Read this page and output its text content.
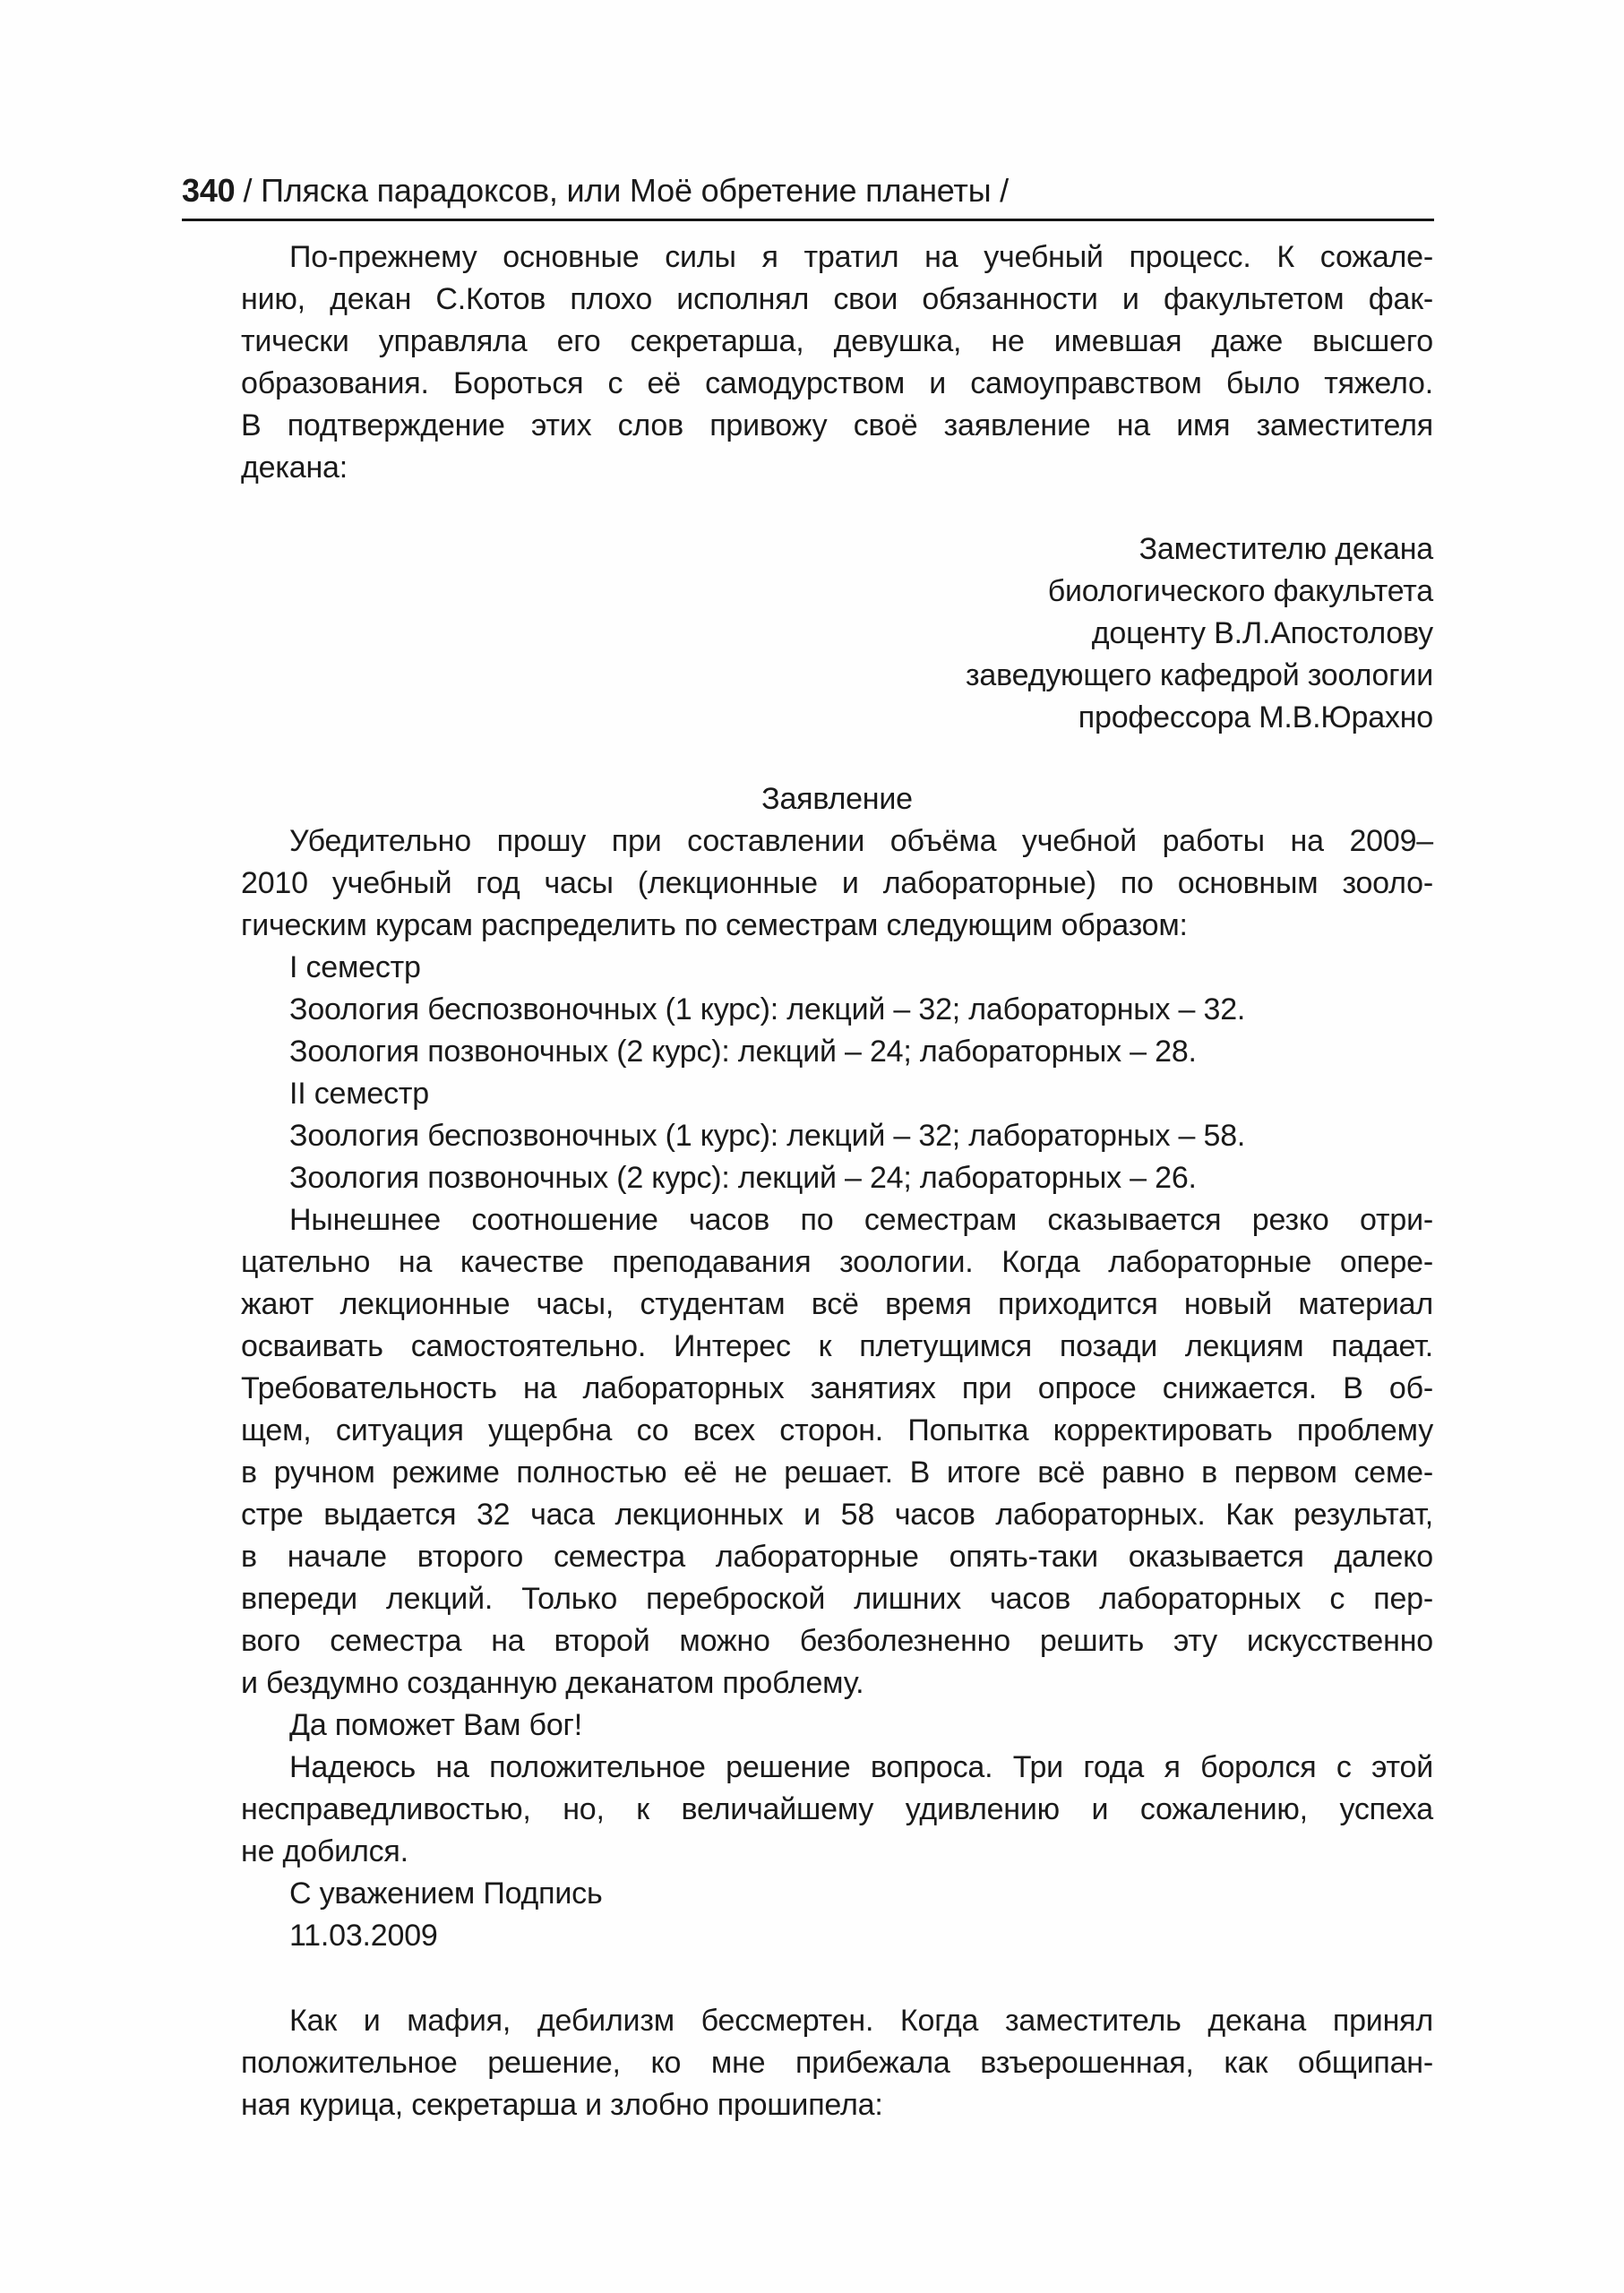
340 / Пляска парадоксов, или Моё обретение планеты /
По-прежнему основные силы я тратил на учебный процесс. К сожале-
нию, декан С.Котов плохо исполнял свои обязанности и факультетом фак-
тически управляла его секретарша, девушка, не имевшая даже высшего
образования. Бороться с её самодурством и самоуправством было тяжело.
В подтверждение этих слов привожу своё заявление на имя заместителя
декана:
Заместителю декана
биологического факультета
доценту В.Л.Апостолову
заведующего кафедрой зоологии
профессора М.В.Юрахно
Заявление
Убедительно прошу при составлении объёма учебной работы на 2009–
2010 учебный год часы (лекционные и лабораторные) по основным зооло-
гическим курсам распределить по семестрам следующим образом:
I семестр
Зоология беспозвоночных (1 курс): лекций – 32; лабораторных – 32.
Зоология позвоночных (2 курс): лекций – 24; лабораторных – 28.
II семестр
Зоология беспозвоночных (1 курс): лекций – 32; лабораторных – 58.
Зоология позвоночных (2 курс): лекций – 24; лабораторных – 26.
Нынешнее соотношение часов по семестрам сказывается резко отри-
цательно на качестве преподавания зоологии. Когда лабораторные опере-
жают лекционные часы, студентам всё время приходится новый материал
осваивать самостоятельно. Интерес к плетущимся позади лекциям падает.
Требовательность на лабораторных занятиях при опросе снижается. В об-
щем, ситуация ущербна со всех сторон. Попытка корректировать проблему
в ручном режиме полностью её не решает. В итоге всё равно в первом семе-
стре выдается 32 часа лекционных и 58 часов лабораторных. Как результат,
в начале второго семестра лабораторные опять-таки оказывается далеко
впереди лекций. Только переброской лишних часов лабораторных с пер-
вого семестра на второй можно безболезненно решить эту искусственно
и бездумно созданную деканатом проблему.
Да поможет Вам бог!
Надеюсь на положительное решение вопроса. Три года я боролся с этой
несправедливостью, но, к величайшему удивлению и сожалению, успеха
не добился.
С уважением Подпись
11.03.2009
Как и мафия, дебилизм бессмертен. Когда заместитель декана принял
положительное решение, ко мне прибежала взъерошенная, как общипан-
ная курица, секретарша и злобно прошипела:
